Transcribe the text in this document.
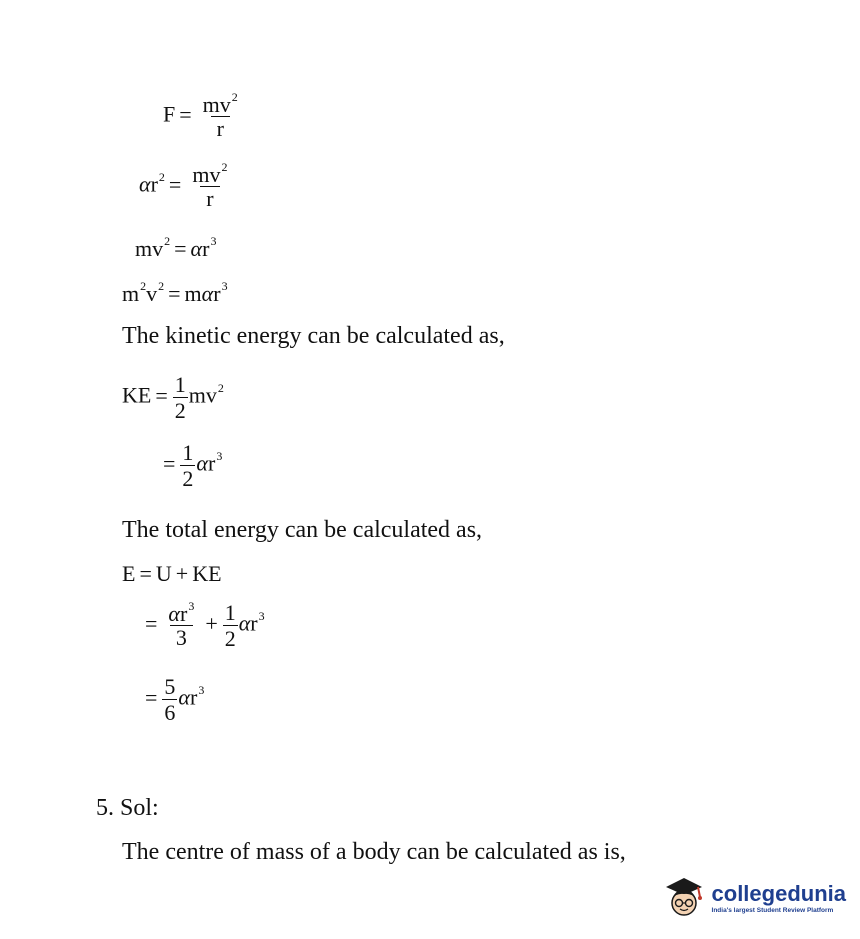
$F = \frac{mv^2}{r}$
$\alpha r^2 = \frac{mv^2}{r}$
$mv^2 = \alpha r^3$
$m^2v^2 = m\alpha r^3$
The kinetic energy can be calculated as,
KE = $\frac{1}{2} mv^2$
= $\frac{1}{2} \alpha r^3$
The total energy can be calculated as,
E = U + KE
= $\frac{\alpha r^3}{3} + \frac{1}{2} \alpha r^3$
= $\frac{5}{6} \alpha r^3$
5. Sol:
The centre of mass of a body can be calculated as is,
collegedunia
India's largest Student Review Platform
